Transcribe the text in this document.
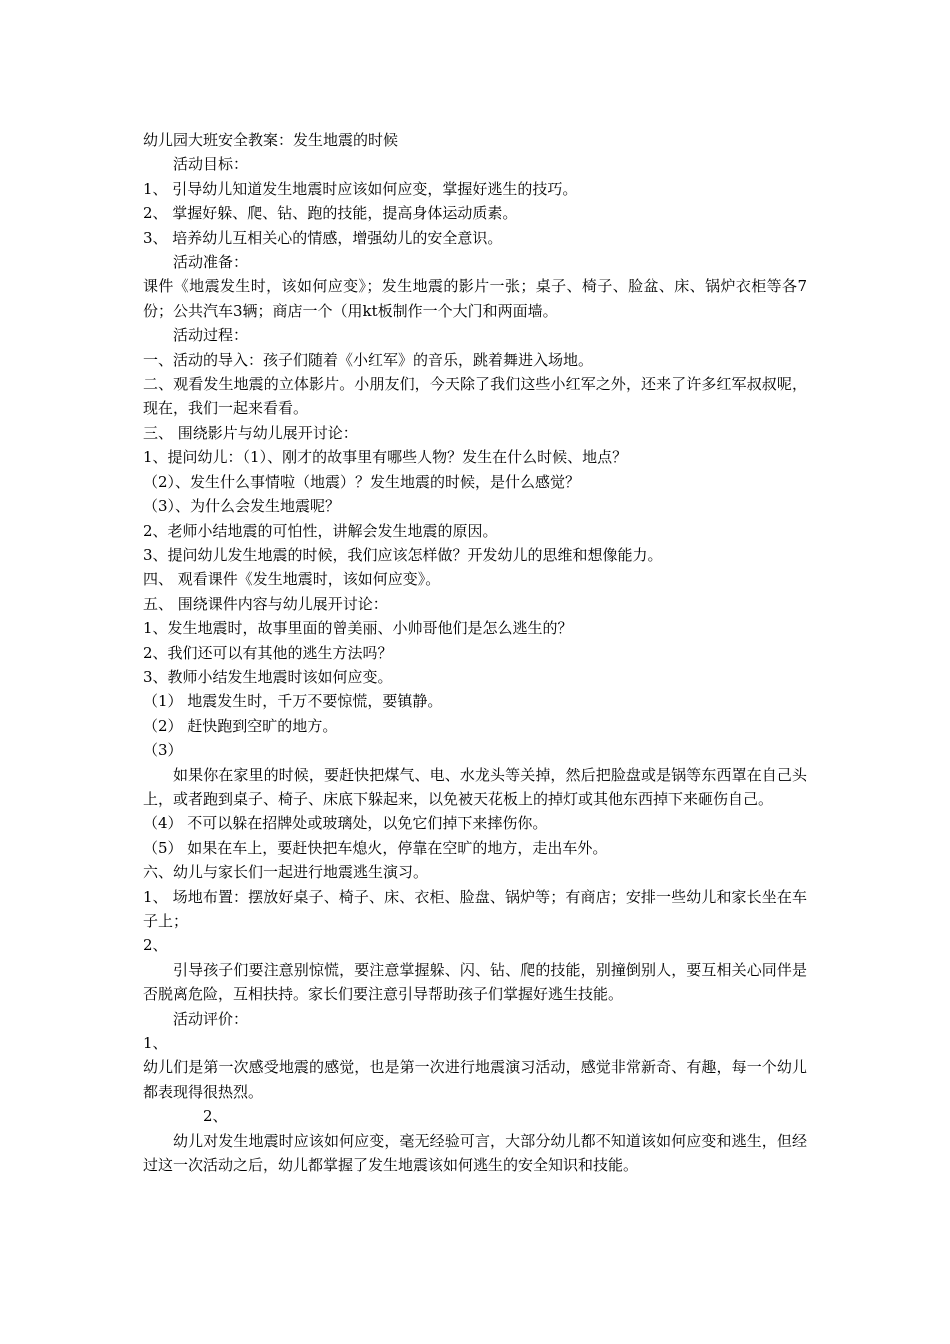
幼儿园大班安全教案：发生地震的时候

活动目标：

1、 引导幼儿知道发生地震时应该如何应变，掌握好逃生的技巧。

2、 掌握好躲、爬、钻、跑的技能，提高身体运动质素。

3、 培养幼儿互相关心的情感，增强幼儿的安全意识。

活动准备：

课件《地震发生时，该如何应变》；发生地震的影片一张；桌子、椅子、脸盆、床、锅炉衣柜等各7份；公共汽车3辆；商店一个（用kt板制作一个大门和两面墙。

活动过程：

一、活动的导入：孩子们随着《小红军》的音乐，跳着舞进入场地。

二、观看发生地震的立体影片。小朋友们，今天除了我们这些小红军之外，还来了许多红军叔叔呢，现在，我们一起来看看。

三、 围绕影片与幼儿展开讨论：

1、提问幼儿：（1）、刚才的故事里有哪些人物？发生在什么时候、地点？

（2）、发生什么事情啦（地震）？发生地震的时候，是什么感觉？

（3）、为什么会发生地震呢？

2、老师小结地震的可怕性，讲解会发生地震的原因。

3、提问幼儿发生地震的时候，我们应该怎样做？开发幼儿的思维和想像能力。

四、 观看课件《发生地震时，该如何应变》。

五、 围绕课件内容与幼儿展开讨论：

1、发生地震时，故事里面的曾美丽、小帅哥他们是怎么逃生的？

2、我们还可以有其他的逃生方法吗？

3、教师小结发生地震时该如何应变。

（1） 地震发生时，千万不要惊慌，要镇静。

（2） 赶快跑到空旷的地方。

（3）

如果你在家里的时候，要赶快把煤气、电、水龙头等关掉，然后把脸盘或是锅等东西罩在自己头上，或者跑到桌子、椅子、床底下躲起来，以免被天花板上的掉灯或其他东西掉下来砸伤自己。

（4） 不可以躲在招牌处或玻璃处，以免它们掉下来摔伤你。

（5） 如果在车上，要赶快把车熄火，停靠在空旷的地方，走出车外。

六、幼儿与家长们一起进行地震逃生演习。

1、 场地布置：摆放好桌子、椅子、床、衣柜、脸盘、锅炉等；有商店；安排一些幼儿和家长坐在车子上；

2、

引导孩子们要注意别惊慌，要注意掌握躲、闪、钻、爬的技能，别撞倒别人，要互相关心同伴是否脱离危险，互相扶持。家长们要注意引导帮助孩子们掌握好逃生技能。

活动评价：

1、

幼儿们是第一次感受地震的感觉，也是第一次进行地震演习活动，感觉非常新奇、有趣，每一个幼儿都表现得很热烈。

2、

幼儿对发生地震时应该如何应变，毫无经验可言，大部分幼儿都不知道该如何应变和逃生，但经过这一次活动之后，幼儿都掌握了发生地震该如何逃生的安全知识和技能。
